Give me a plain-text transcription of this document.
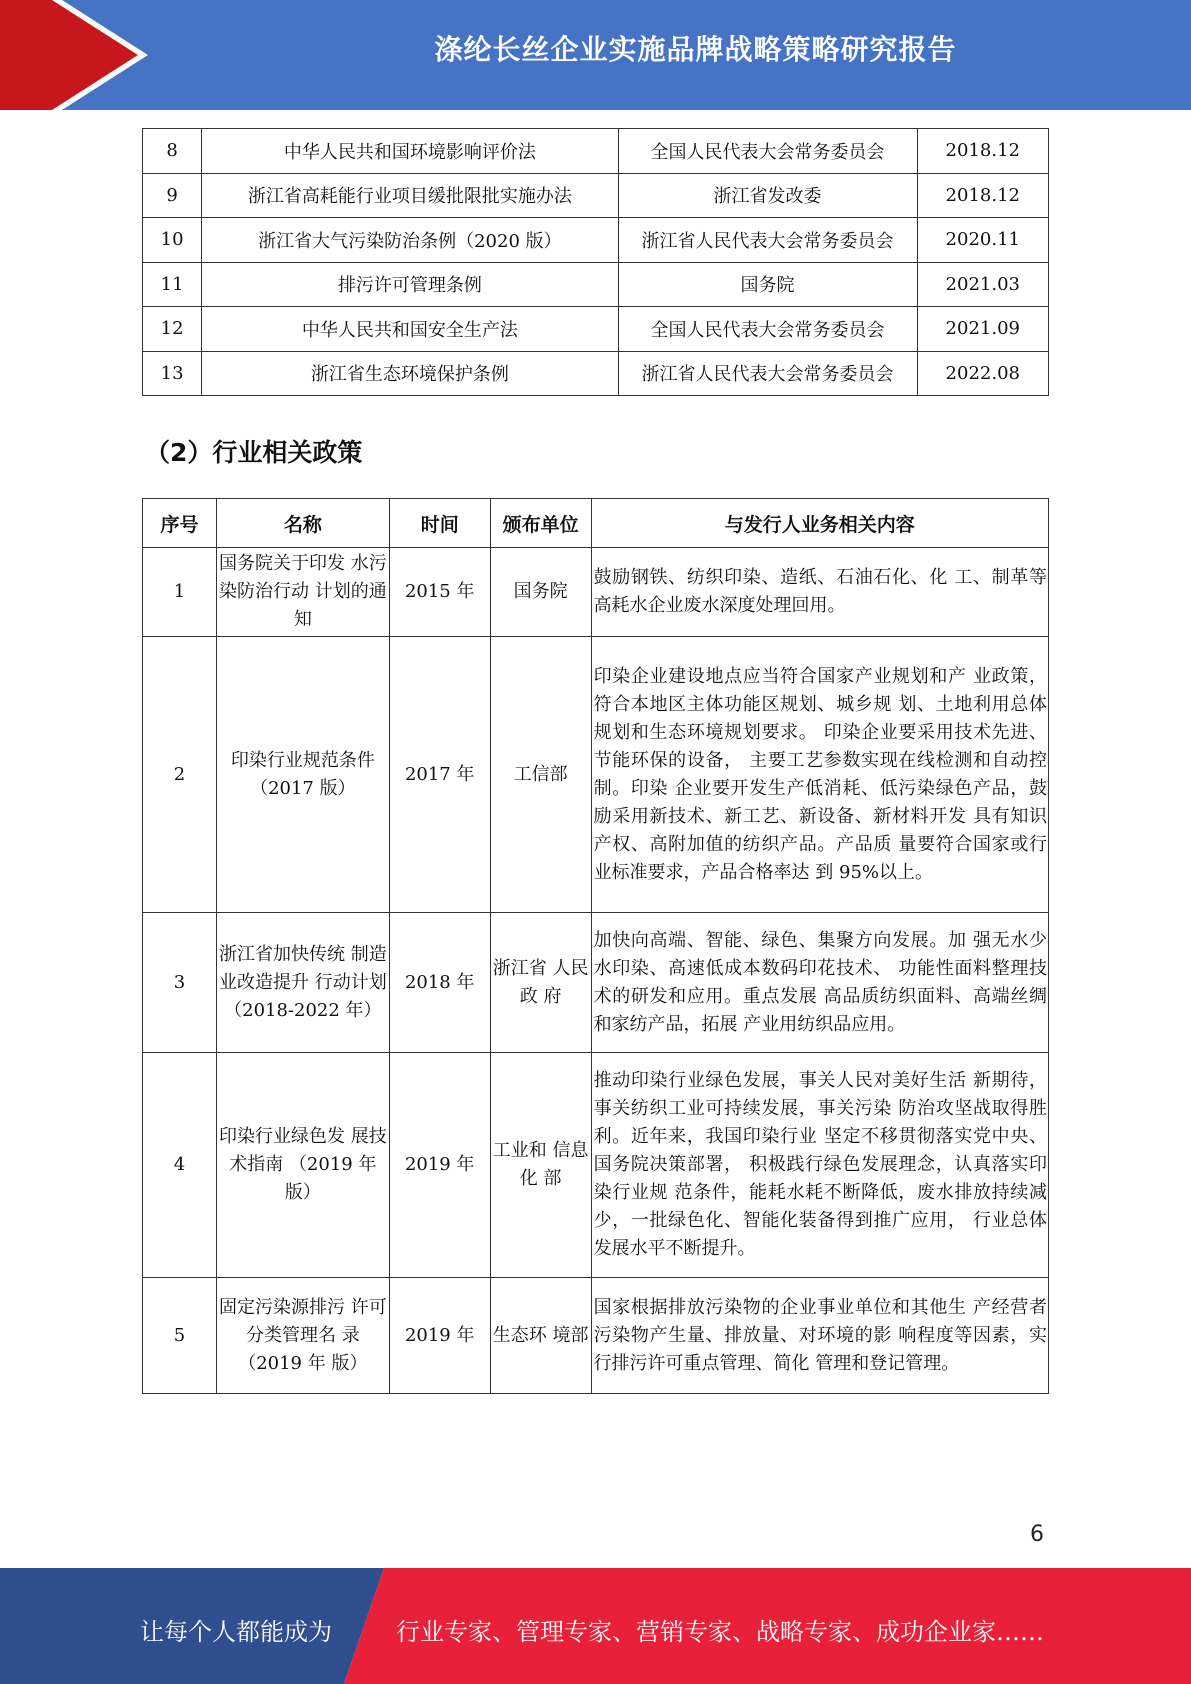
涤纶长丝企业实施品牌战略策略研究报告
8	中华人民共和国环境影响评价法	全国人民代表大会常务委员会	2018.12
9	浙江省高耗能行业项目缓批限批实施办法	浙江省发改委	2018.12
10	浙江省大气污染防治条例（2020 版）	浙江省人民代表大会常务委员会	2020.11
11	排污许可管理条例	国务院	2021.03
12	中华人民共和国安全生产法	全国人民代表大会常务委员会	2021.09
13	浙江省生态环境保护条例	浙江省人民代表大会常务委员会	2022.08
（2）行业相关政策
序号	名称	时间	颁布单位	与发行人业务相关内容
1	国务院关于印发 水污染防治行动 计划的通知	2015 年	国务院	鼓励钢铁、纺织印染、造纸、石油石化、化 工、制革等高耗水企业废水深度处理回用。
2	印染行业规范条件（2017 版）	2017 年	工信部	印染企业建设地点应当符合国家产业规划和产 业政策，符合本地区主体功能区规划、城乡规 划、土地利用总体规划和生态环境规划要求。 印染企业要采用技术先进、节能环保的设备， 主要工艺参数实现在线检测和自动控制。印染 企业要开发生产低消耗、低污染绿色产品，鼓 励采用新技术、新工艺、新设备、新材料开发 具有知识产权、高附加值的纺织产品。产品质 量要符合国家或行业标准要求，产品合格率达 到 95%以上。
3	浙江省加快传统 制造业改造提升 行动计划 （2018-2022 年）	2018 年	浙江省 人民政 府	加快向高端、智能、绿色、集聚方向发展。加 强无水少水印染、高速低成本数码印花技术、 功能性面料整理技术的研发和应用。重点发展 高品质纺织面料、高端丝绸和家纺产品，拓展 产业用纺织品应用。
4	印染行业绿色发 展技术指南 （2019 年版）	2019 年	工业和 信息化 部	推动印染行业绿色发展，事关人民对美好生活 新期待，事关纺织工业可持续发展，事关污染 防治攻坚战取得胜利。近年来，我国印染行业 坚定不移贯彻落实党中央、国务院决策部署， 积极践行绿色发展理念，认真落实印染行业规 范条件，能耗水耗不断降低，废水排放持续减 少，一批绿色化、智能化装备得到推广应用， 行业总体发展水平不断提升。
5	固定污染源排污 许可分类管理名 录（2019 年 版）	2019 年	生态环 境部	国家根据排放污染物的企业事业单位和其他生 产经营者污染物产生量、排放量、对环境的影 响程度等因素，实行排污许可重点管理、简化 管理和登记管理。
6
让每个人都能成为	行业专家、管理专家、营销专家、战略专家、成功企业家……
